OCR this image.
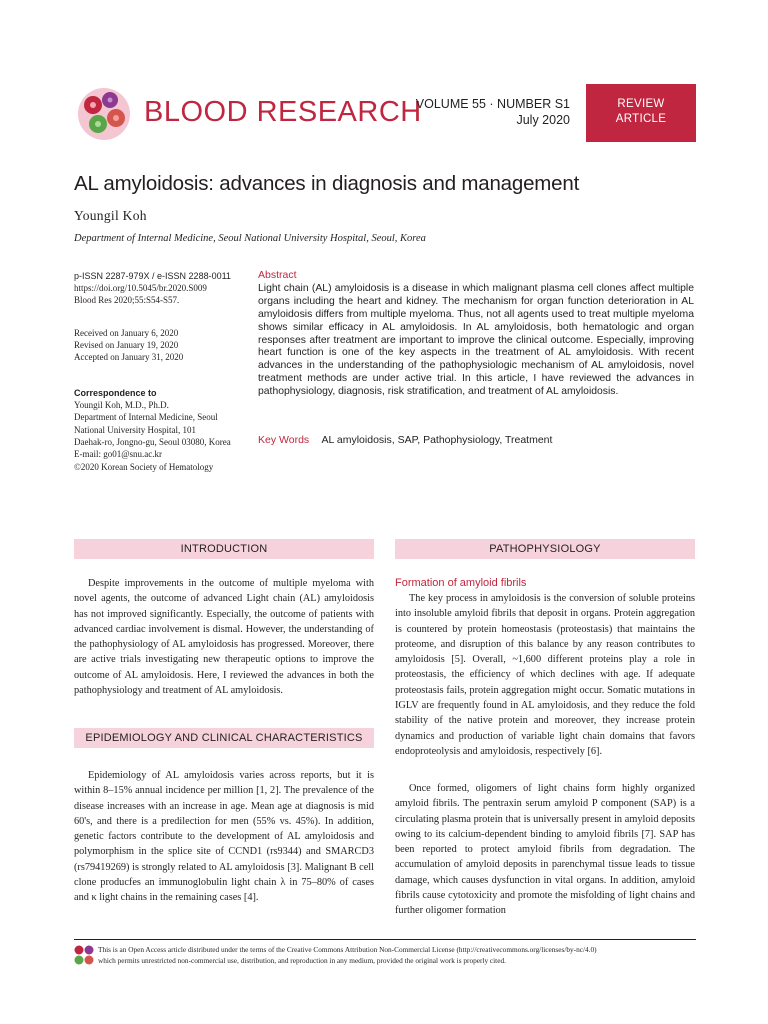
BLOOD RESEARCH
VOLUME 55 · NUMBER S1
July 2020
REVIEW
ARTICLE
AL amyloidosis: advances in diagnosis and management
Youngil Koh
Department of Internal Medicine, Seoul National University Hospital, Seoul, Korea
p-ISSN 2287-979X / e-ISSN 2288-0011
https://doi.org/10.5045/br.2020.S009
Blood Res 2020;55:S54-S57.
Received on January 6, 2020
Revised on January 19, 2020
Accepted on January 31, 2020
Correspondence to
Youngil Koh, M.D., Ph.D.
Department of Internal Medicine, Seoul
National University Hospital, 101
Daehak-ro, Jongno-gu, Seoul 03080, Korea
E-mail: go01@snu.ac.kr
©2020 Korean Society of Hematology
Abstract
Light chain (AL) amyloidosis is a disease in which malignant plasma cell clones affect multiple organs including the heart and kidney. The mechanism for organ function deterioration in AL amyloidosis differs from multiple myeloma. Thus, not all agents used to treat multiple myeloma shows similar efficacy in AL amyloidosis. In AL amyloidosis, both hematologic and organ responses after treatment are important to improve the clinical outcome. Especially, improving heart function is one of the key aspects in the treatment of AL amyloidosis. With recent advances in the understanding of the pathophysiologic mechanism of AL amyloidosis, novel treatment methods are under active trial. In this article, I have reviewed the advances in pathophysiology, diagnosis, risk stratification, and treatment of AL amyloidosis.
Key Words AL amyloidosis, SAP, Pathophysiology, Treatment
INTRODUCTION
Despite improvements in the outcome of multiple myeloma with novel agents, the outcome of advanced Light chain (AL) amyloidosis has not improved significantly. Especially, the outcome of patients with advanced cardiac involvement is dismal. However, the understanding of the pathophysiology of AL amyloidosis has progressed. Moreover, there are active trials investigating new therapeutic options to improve the outcome of AL amyloidosis. Here, I reviewed the advances in both the pathophysiology and treatment of AL amyloidosis.
EPIDEMIOLOGY AND CLINICAL CHARACTERISTICS
Epidemiology of AL amyloidosis varies across reports, but it is within 8–15% annual incidence per million [1, 2]. The prevalence of the disease increases with an increase in age. Mean age at diagnosis is mid 60's, and there is a predilection for men (55% vs. 45%). In addition, genetic factors contribute to the development of AL amyloidosis and polymorphism in the splice site of CCND1 (rs9344) and SMARCD3 (rs79419269) is strongly related to AL amyloidosis [3]. Malignant B cell clone producfes an immunoglobulin light chain λ in 75–80% of cases and κ light chains in the remaining cases [4].
PATHOPHYSIOLOGY
Formation of amyloid fibrils
The key process in amyloidosis is the conversion of soluble proteins into insoluble amyloid fibrils that deposit in organs. Protein aggregation is countered by protein homeostasis (proteostasis) that maintains the proteome, and disruption of this balance by any reason contributes to amyloidosis [5]. Overall, ~1,600 different proteins play a role in proteostasis, the efficiency of which declines with age. If adequate proteostasis fails, protein aggregation might occur. Somatic mutations in IGLV are frequently found in AL amyloidosis, and they reduce the fold stability of the native protein and moreover, they increase protein dynamics and production of variable light chain domains that favors endoproteolysis and amyloidosis, respectively [6].
Once formed, oligomers of light chains form highly organized amyloid fibrils. The pentraxin serum amyloid P component (SAP) is a circulating plasma protein that is universally present in amyloid deposits owing to its calcium-dependent binding to amyloid fibrils [7]. SAP has been reported to protect amyloid fibrils from degradation. The accumulation of amyloid deposits in parenchymal tissue leads to tissue damage, which causes dysfunction in vital organs. In addition, amyloid fibrils cause cytotoxicity and promote the misfolding of light chains and further oligomer formation
This is an Open Access article distributed under the terms of the Creative Commons Attribution Non-Commercial License (http://creativecommons.org/licenses/by-nc/4.0)
which permits unrestricted non-commercial use, distribution, and reproduction in any medium, provided the original work is properly cited.
